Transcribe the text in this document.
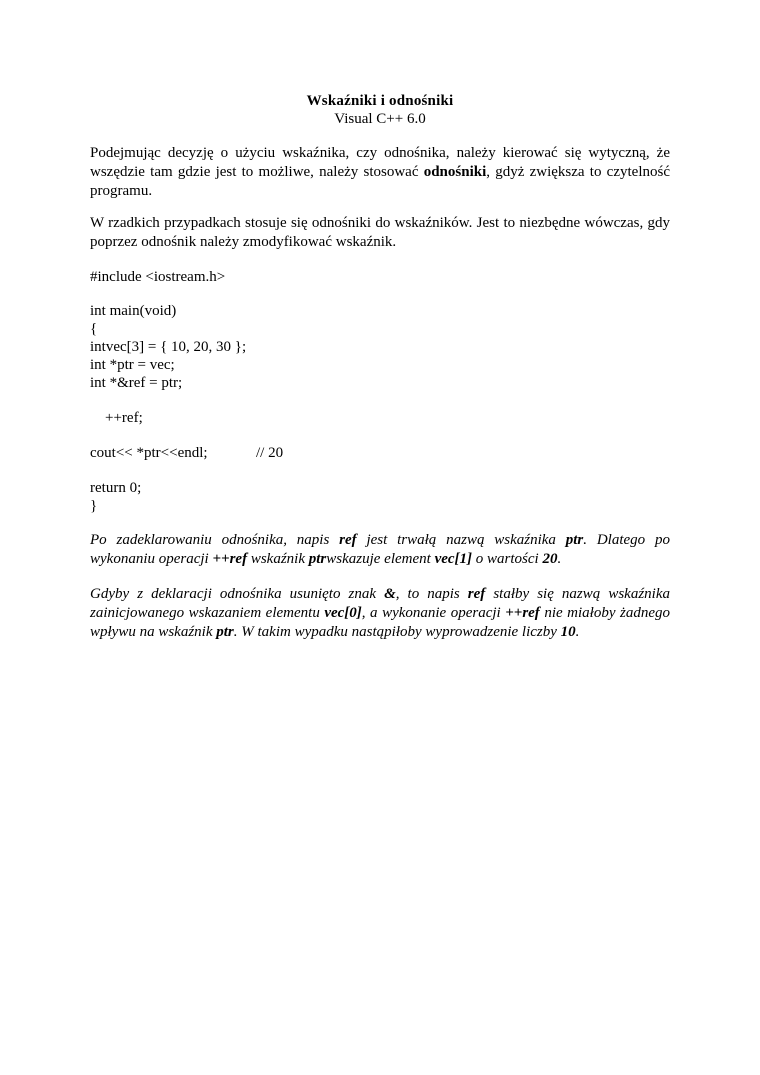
Wskaźniki i odnośniki
Visual C++ 6.0
Podejmując decyzję o użyciu wskaźnika, czy odnośnika, należy kierować się wytyczną, że wszędzie tam gdzie jest to możliwe, należy stosować odnośniki, gdyż zwiększa to czytelność programu.
W rzadkich przypadkach stosuje się odnośniki do wskaźników. Jest to niezbędne wówczas, gdy poprzez odnośnik należy zmodyfikować wskaźnik.
#include <iostream.h>
int main(void)
{
intvec[3] = { 10, 20, 30 };
int *ptr = vec;
int *&ref = ptr;
++ref;
cout<< *ptr<<endl;	// 20
return 0;
}
Po zadeklarowaniu odnośnika, napis ref jest trwałą nazwą wskaźnika ptr. Dlatego po wykonaniu operacji ++ref wskaźnik ptrwskazuje element vec[1] o wartości 20.
Gdyby z deklaracji odnośnika usunięto znak &, to napis ref stałby się nazwą wskaźnika zainicjowanego wskazaniem elementu vec[0], a wykonanie operacji ++ref nie miałoby żadnego wpływu na wskaźnik ptr. W takim wypadku nastąpiłoby wyprowadzenie liczby 10.
